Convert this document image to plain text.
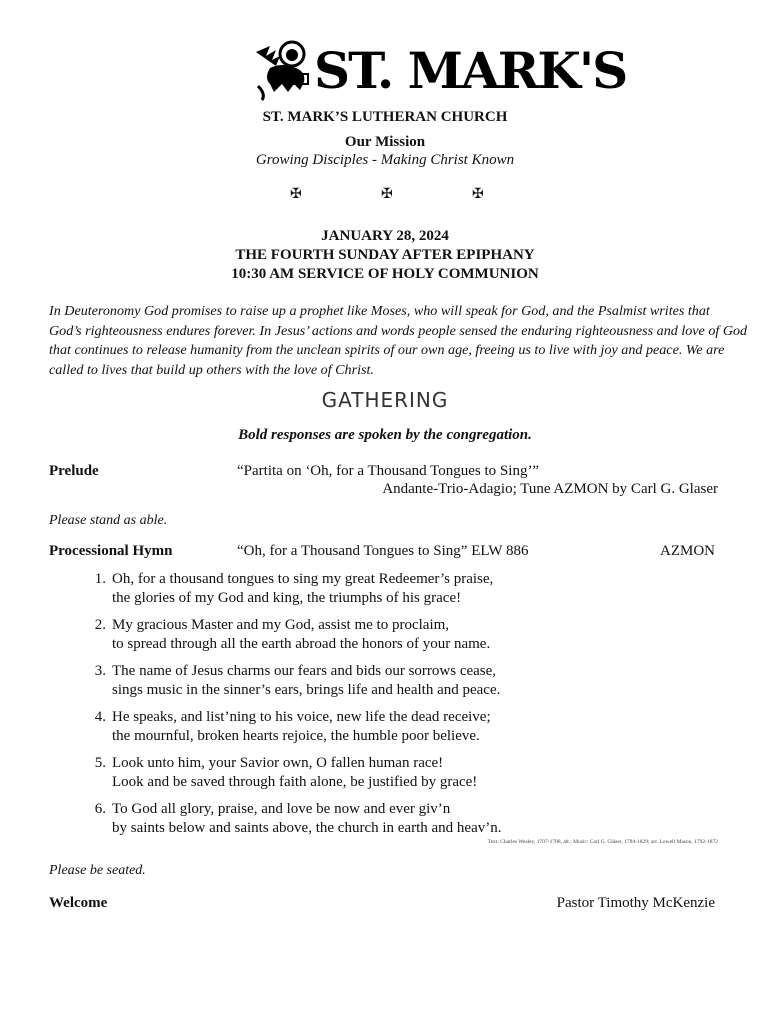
ST. MARK'S
ST. MARK’S LUTHERAN CHURCH
Our Mission
Growing Disciples - Making Christ Known
✠	✠	✠
JANUARY 28, 2024
THE FOURTH SUNDAY AFTER EPIPHANY
10:30 AM SERVICE OF HOLY COMMUNION

In Deuteronomy God promises to raise up a prophet like Moses, who will speak for God, and the Psalmist writes that

God’s righteousness endures forever. In Jesus’ actions and words people sensed the enduring righteousness and love of God

that continues to release humanity from the unclean spirits of our own age, freeing us to live with joy and peace. We are

called to lives that build up others with the love of Christ.

GATHERING
Bold responses are spoken by the congregation.
Prelude	“Partita on ‘Oh, for a Thousand Tongues to Sing’”
Andante-Trio-Adagio; Tune AZMON by Carl G. Glaser
Please stand as able.
Processional Hymn	“Oh, for a Thousand Tongues to Sing” ELW 886	AZMON
1. Oh, for a thousand tongues to sing my great Redeemer’s praise,
the glories of my God and king, the triumphs of his grace!
2. My gracious Master and my God, assist me to proclaim,
to spread through all the earth abroad the honors of your name.
3. The name of Jesus charms our fears and bids our sorrows cease,
sings music in the sinner’s ears, brings life and health and peace.
4. He speaks, and list’ning to his voice, new life the dead receive;
the mournful, broken hearts rejoice, the humble poor believe.
5. Look unto him, your Savior own, O fallen human race!
Look and be saved through faith alone, be justified by grace!
6. To God all glory, praise, and love be now and ever giv’n
by saints below and saints above, the church in earth and heav’n.
Text: Charles Wesley, 1707-1788, alt.; Music: Carl G. Gläser, 1784-1829; arr. Lowell Mason, 1792-1872
Please be seated.
Welcome	Pastor Timothy McKenzie
